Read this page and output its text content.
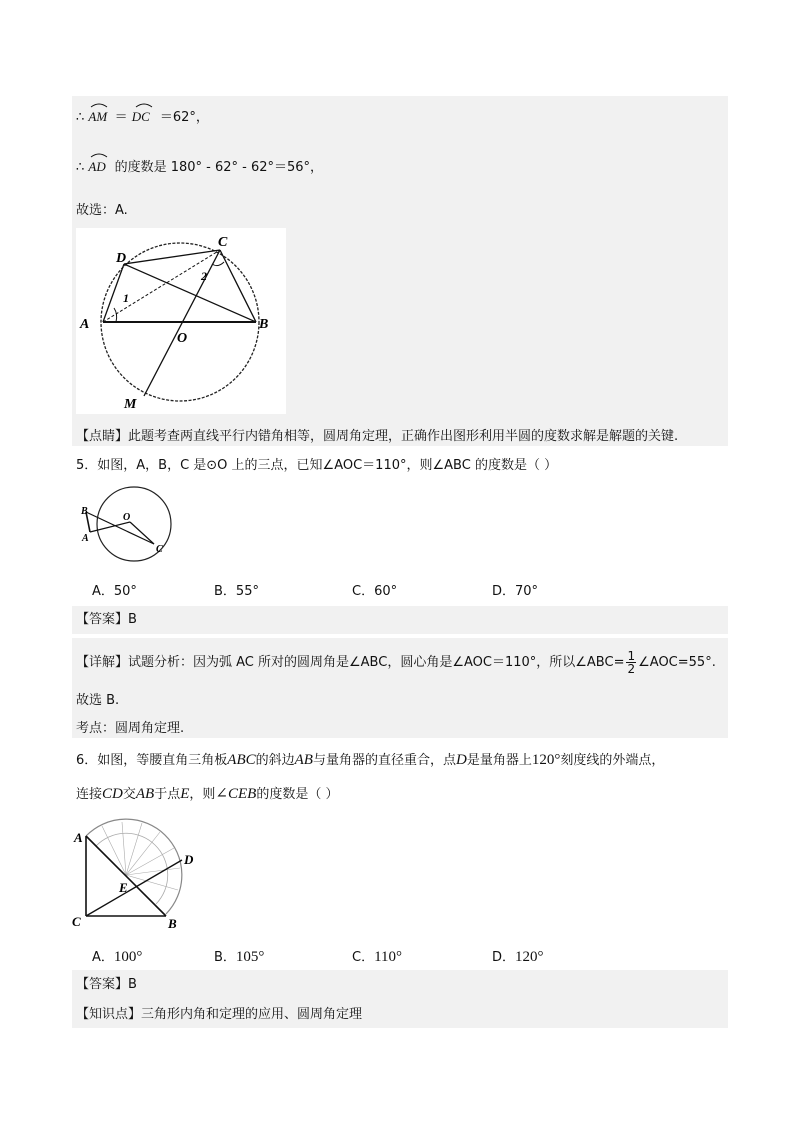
∴ AM ＝ DC ＝62°，
∴ AD 的度数是 180° - 62° - 62°＝56°，
故选：A.
A	B
C
D
O
M
1
2
【点睛】此题考查两直线平行内错角相等，圆周角定理，正确作出图形利用半圆的度数求解是解题的关键.
5．如图，A，B，C 是⊙O 上的三点，已知∠AOC＝110°，则∠ABC 的度数是（ ）
B
A
O
C
A．50°	B．55°	C．60°	D．70°
【答案】B
【详解】试题分析：因为弧 AC 所对的圆周角是∠ABC，圆心角是∠AOC＝110°，所以∠ABC= $\frac{1}{2}$ ∠AOC=55°.
故选 B.
考点：圆周角定理.
6．如图，等腰直角三角板ABC的斜边AB与量角器的直径重合，点D是量角器上120°刻度线的外端点，
连接CD交AB于点E，则∠CEB的度数是（ ）
A
C	B
D
E
A．100°	B．105°	C．110°	D．120°
【答案】B
【知识点】三角形内角和定理的应用、圆周角定理
